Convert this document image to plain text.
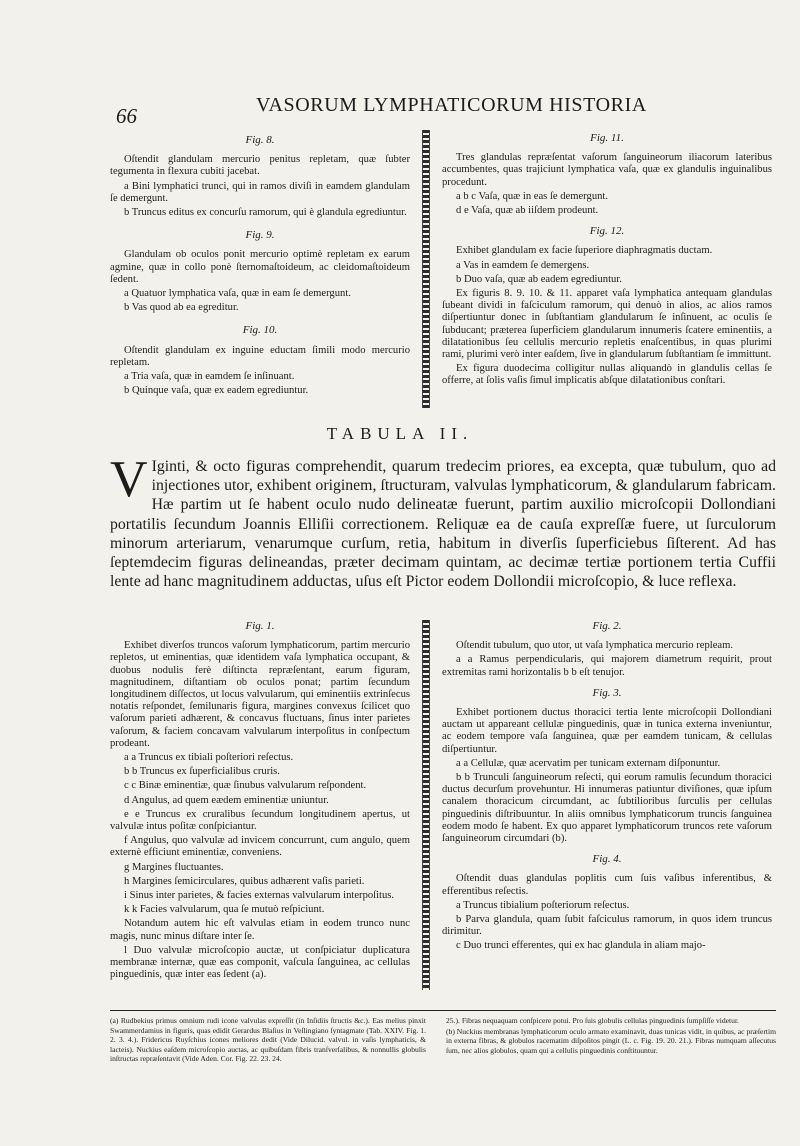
66	VASORUM LYMPHATICORUM HISTORIA

Fig. 8.

Oſtendit glandulam mercurio penitus repletam, quæ ſubter tegumenta in flexura cubiti jacebat.

a Bini lymphatici trunci, qui in ramos diviſi in eamdem glandulam ſe demergunt.

b Truncus editus ex concurſu ramorum, qui è glandula egrediuntur.

Fig. 9.

Glandulam ob oculos ponit mercurio optimè repletam ex earum agmine, quæ in collo ponè ſternomaſtoideum, ac cleidomaſtoideum ſedent.

a Quatuor lymphatica vaſa, quæ in eam ſe demergunt.

b Vas quod ab ea egreditur.

Fig. 10.

Oſtendit glandulam ex inguine eductam ſimili modo mercurio repletam.

a Tria vaſa, quæ in eamdem ſe inſinuant.

b Quinque vaſa, quæ ex eadem egrediuntur.

Fig. 11.

Tres glandulas repræſentat vaſorum ſanguineorum iliacorum lateribus accumbentes, quas trajiciunt lymphatica vaſa, quæ ex glandulis inguinalibus procedunt.

a b c Vaſa, quæ in eas ſe demergunt.

d e Vaſa, quæ ab iiſdem prodeunt.

Fig. 12.

Exhibet glandulam ex facie ſuperiore diaphragmatis ductam.

a Vas in eamdem ſe demergens.

b Duo vaſa, quæ ab eadem egrediuntur.

Ex figuris 8. 9. 10. & 11. apparet vaſa lymphatica antequam glandulas ſubeant dividi in faſciculum ramorum, qui denuò in alios, ac alios ramos diſpertiuntur donec in ſubſtantiam glandularum ſe inſinuent, ac oculis ſe ſubducant; præterea ſuperficiem glandularum innumeris ſcatere eminentiis, a dilatationibus ſeu cellulis mercurio repletis enaſcentibus, in quas plurimi rami, plurimi verò inter eaſdem, ſive in glandularum ſubſtantiam ſe immittunt.

Ex figura duodecima colligitur nullas aliquandò in glandulis cellas ſe offerre, at ſolis vaſis ſimul implicatis abſque dilatationibus conſtari.

TABULA II.
V Iginti, & octo figuras comprehendit, quarum tredecim priores, ea excepta, quæ tubulum, quo ad injectiones utor, exhibent originem, ſtructuram, valvulas lymphaticorum, & glandularum fabricam. Hæ partim ut ſe habent oculo nudo delineatæ fuerunt, partim auxilio microſcopii Dollondiani portatilis ſecundum Joannis Elliſii correctionem. Reliquæ ea de cauſa expreſſæ fuere, ut ſurculorum minorum arteriarum, venarumque curſum, retia, habitum in diverſis ſuperficiebus ſiſterent. Ad has ſeptemdecim figuras delineandas, præter decimam quintam, ac decimæ tertiæ portionem tertia Cuffii lente ad hanc magnitudinem adductas, uſus eſt Pictor eodem Dollondii microſcopio, & luce reflexa.

Fig. 1.

Exhibet diverſos truncos vaſorum lymphaticorum, partim mercurio repletos, ut eminentias, quæ identidem vaſa lymphatica occupant, & duobus nodulis ferè diſtincta repræſentant, earum figuram, magnitudinem, diſtantiam ob oculos ponat; partim ſecundum longitudinem diſſectos, ut locus valvularum, qui eminentiis extrinſecus notatis reſpondet, ſemilunaris figura, margines convexus ſcilicet quo vaſorum parieti adhærent, & concavus fluctuans, ſinus inter parietes vaſorum, & faciem concavam valvularum interpoſitus in conſpectum prodeant.

a a Truncus ex tibiali poſteriori reſectus.

b b Truncus ex ſuperficialibus cruris.

c c Binæ eminentiæ, quæ ſinubus valvularum reſpondent.

d Angulus, ad quem eædem eminentiæ uniuntur.

e e Truncus ex cruralibus ſecundum longitudinem apertus, ut valvulæ intus poſitæ conſpiciantur.

f Angulus, quo valvulæ ad invicem concurrunt, cum angulo, quem externè efficiunt eminentiæ, conveniens.

g Margines fluctuantes.

h Margines ſemicirculares, quibus adhærent vaſis parieti.

i Sinus inter parietes, & facies externas valvularum interpoſitus.

k k Facies valvularum, qua ſe mutuò reſpiciunt.

Notandum autem hic eſt valvulas etiam in eodem trunco nunc magis, nunc minus diſtare inter ſe.

l Duo valvulæ microſcopio auctæ, ut conſpiciatur duplicatura membranæ internæ, quæ eas componit, vaſcula ſanguinea, ac cellulas pinguedinis, quæ inter eas ſedent (a).

Fig. 2.

Oſtendit tubulum, quo utor, ut vaſa lymphatica mercurio repleam.

a a Ramus perpendicularis, qui majorem diametrum requirit, prout extremitas rami horizontalis b b eſt tenujor.

Fig. 3.

Exhibet portionem ductus thoracici tertia lente microſcopii Dollondiani auctam ut appareant cellulæ pinguedinis, quæ in tunica externa inveniuntur, ac eodem tempore vaſa ſanguinea, quæ per eamdem tunicam, & cellulas diſpertiuntur.

a a Cellulæ, quæ acervatim per tunicam externam diſponuntur.

b b Trunculi ſanguineorum reſecti, qui eorum ramulis ſecundum thoracici ductus decurſum provehuntur. Hi innumeras patiuntur diviſiones, quæ ipſum canalem thoracicum circumdant, ac ſubtilioribus ſurculis per cellulas pinguedinis diſtribuuntur. In aliis omnibus lymphaticorum truncis ſanguinea eodem modo ſe habent. Ex quo apparet lymphaticorum truncos rete vaſorum ſanguineorum circumdari (b).

Fig. 4.

Oſtendit duas glandulas poplitis cum ſuis vaſibus inferentibus, & efferentibus reſectis.

a Truncus tibialium poſteriorum reſectus.

b Parva glandula, quam ſubit faſciculus ramorum, in quos idem truncus dirimitur.

c Duo trunci efferentes, qui ex hac glandula in aliam majo-

(a) Rudbekius primus omnium rudi icone valvulas expreſſit (in Inſidiis ſtructis &c.). Eas melius pinxit Swammerdamius in figuris, quas edidit Gerardus Blaſius in Veſlingiano ſyntagmate (Tab. XXIV. Fig. 1. 2. 3. 4.). Fridericus Ruyſchius icones meliores dedit (Vide Dilucid. valvul. in vaſis lymphaticis, & lacteis). Nuckius eaſdem microſcopio auctas, ac quibuſdam fibris tranſverſalibus, & nonnullis globulis inſtructas repræſentavit (Vide Aden. Cor. Fig. 22. 23. 24.

25.). Fibras nequaquam conſpicere potui. Pro ſuis globulis cellulas pinguedinis ſumpſiſſe videtur.

(b) Nuckius membranas lymphaticorum oculo armato examinavit, duas tunicas vidit, in quibus, ac præſertim in externa fibras, & globulos racematim diſpoſitos pingit (L. c. Fig. 19. 20. 21.). Fibras numquam aſſecutus ſum, nec alios globulos, quam qui a cellulis pinguedinis conſtituuntur.
